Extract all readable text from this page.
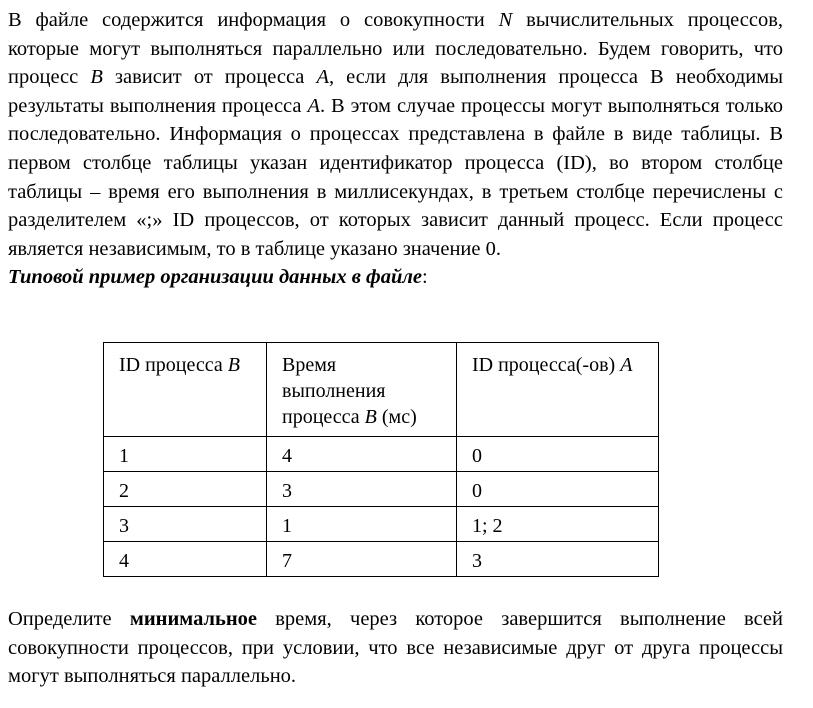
В файле содержится информация о совокупности N вычислительных процессов, которые могут выполняться параллельно или последовательно. Будем говорить, что процесс B зависит от процесса A, если для выполнения процесса B необходимы результаты выполнения процесса A. В этом случае процессы могут выполняться только последовательно. Информация о процессах представлена в файле в виде таблицы. В первом столбце таблицы указан идентификатор процесса (ID), во втором столбце таблицы – время его выполнения в миллисекундах, в третьем столбце перечислены с разделителем «;» ID процессов, от которых зависит данный процесс. Если процесс является независимым, то в таблице указано значение 0.

Типовой пример организации данных в файле:

ID процесса B	Время выполнения процесса B (мс)	ID процесса(-ов) A
1	4	0
2	3	0
3	1	1; 2
4	7	3

Определите минимальное время, через которое завершится выполнение всей совокупности процессов, при условии, что все независимые друг от друга процессы могут выполняться параллельно.
